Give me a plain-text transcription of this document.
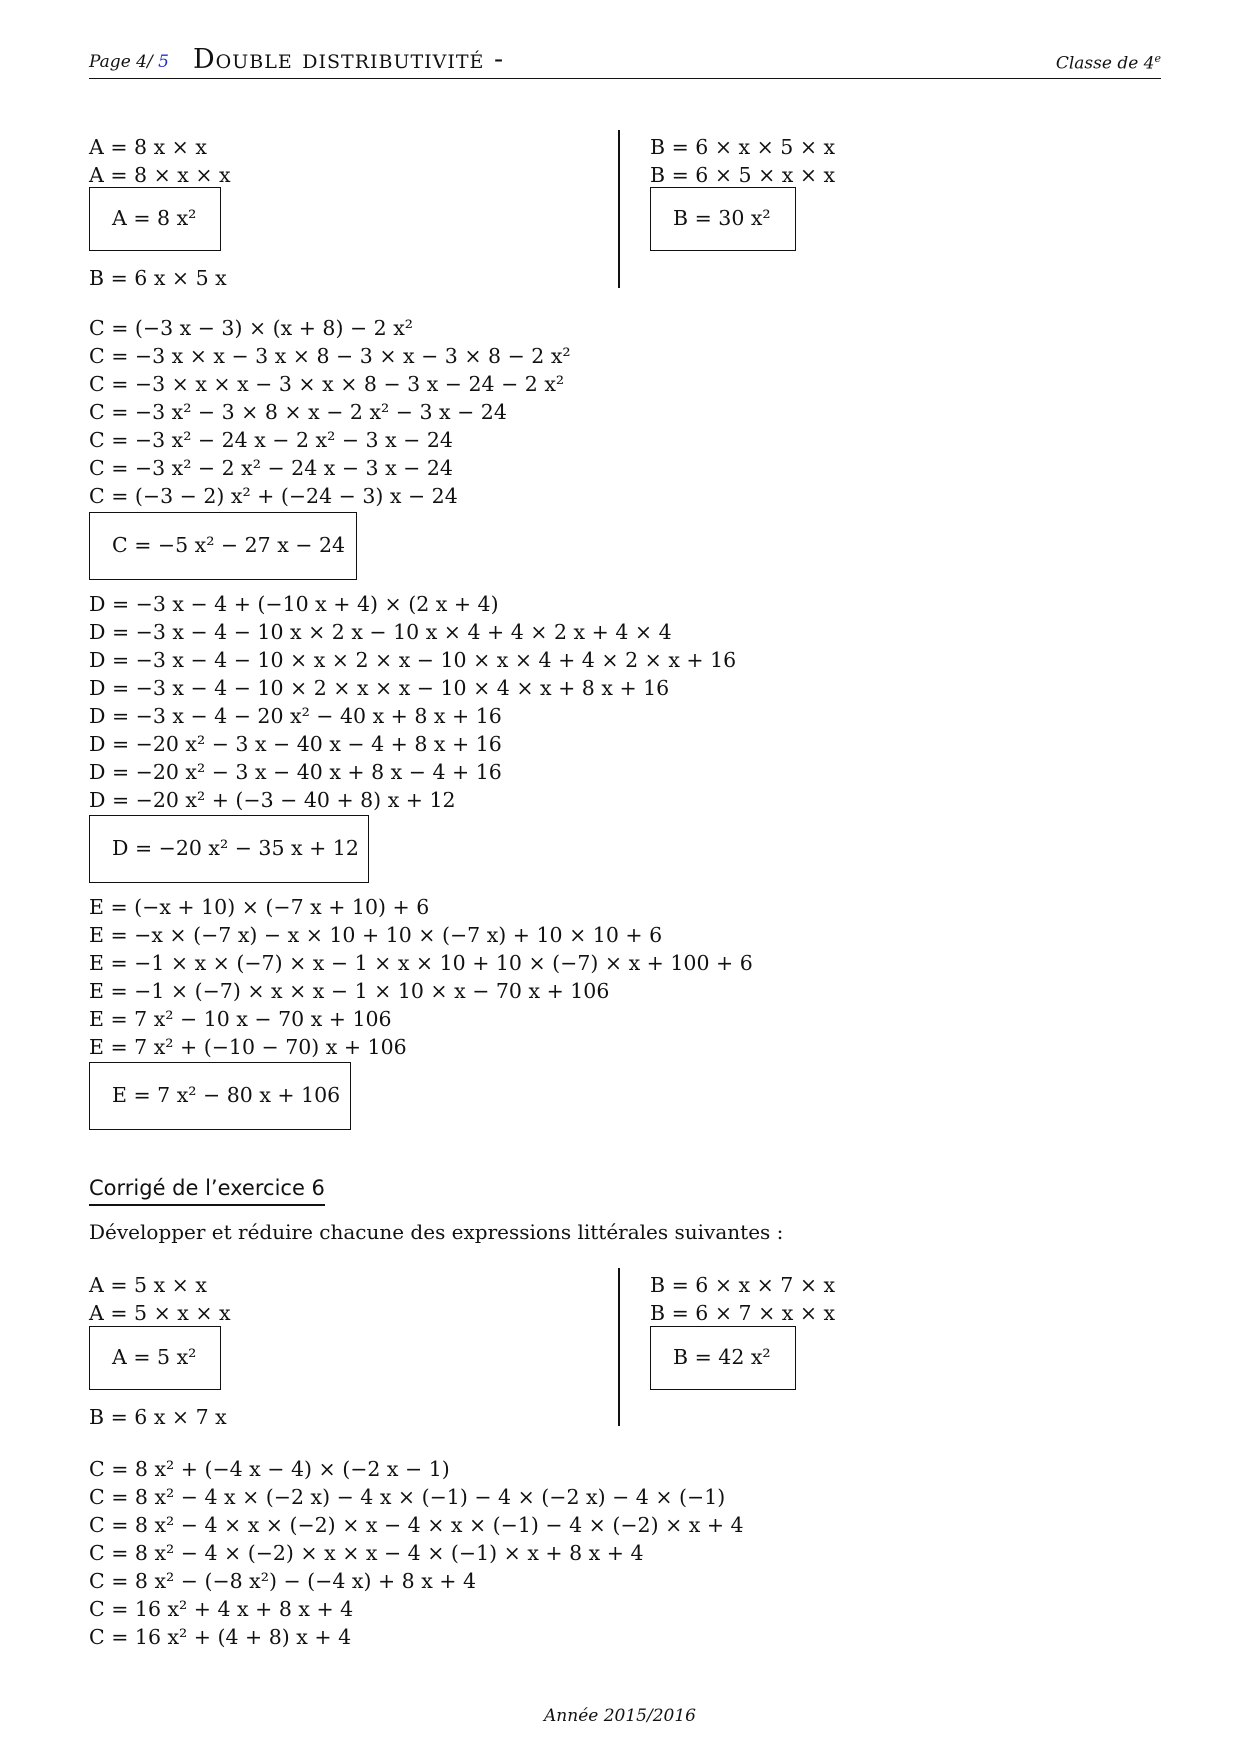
Page 4/ 5 Double distributivité -	Classe de 4e
A = 8 x × x
A = 8 × x × x
A = 8 x²
B = 6 x × 5 x
B = 6 × x × 5 × x
B = 6 × 5 × x × x
B = 30 x²
C = (−3 x − 3) × (x + 8) − 2 x²
C = −3 x × x − 3 x × 8 − 3 × x − 3 × 8 − 2 x²
C = −3 × x × x − 3 × x × 8 − 3 x − 24 − 2 x²
C = −3 x² − 3 × 8 × x − 2 x² − 3 x − 24
C = −3 x² − 24 x − 2 x² − 3 x − 24
C = −3 x² − 2 x² − 24 x − 3 x − 24
C = (−3 − 2) x² + (−24 − 3) x − 24
C = −5 x² − 27 x − 24
D = −3 x − 4 + (−10 x + 4) × (2 x + 4)
D = −3 x − 4 − 10 x × 2 x − 10 x × 4 + 4 × 2 x + 4 × 4
D = −3 x − 4 − 10 × x × 2 × x − 10 × x × 4 + 4 × 2 × x + 16
D = −3 x − 4 − 10 × 2 × x × x − 10 × 4 × x + 8 x + 16
D = −3 x − 4 − 20 x² − 40 x + 8 x + 16
D = −20 x² − 3 x − 40 x − 4 + 8 x + 16
D = −20 x² − 3 x − 40 x + 8 x − 4 + 16
D = −20 x² + (−3 − 40 + 8) x + 12
D = −20 x² − 35 x + 12
E = (−x + 10) × (−7 x + 10) + 6
E = −x × (−7 x) − x × 10 + 10 × (−7 x) + 10 × 10 + 6
E = −1 × x × (−7) × x − 1 × x × 10 + 10 × (−7) × x + 100 + 6
E = −1 × (−7) × x × x − 1 × 10 × x − 70 x + 106
E = 7 x² − 10 x − 70 x + 106
E = 7 x² + (−10 − 70) x + 106
E = 7 x² − 80 x + 106
Corrigé de l’exercice 6
Développer et réduire chacune des expressions littérales suivantes :
A = 5 x × x
A = 5 × x × x
A = 5 x²
B = 6 x × 7 x
B = 6 × x × 7 × x
B = 6 × 7 × x × x
B = 42 x²
C = 8 x² + (−4 x − 4) × (−2 x − 1)
C = 8 x² − 4 x × (−2 x) − 4 x × (−1) − 4 × (−2 x) − 4 × (−1)
C = 8 x² − 4 × x × (−2) × x − 4 × x × (−1) − 4 × (−2) × x + 4
C = 8 x² − 4 × (−2) × x × x − 4 × (−1) × x + 8 x + 4
C = 8 x² − (−8 x²) − (−4 x) + 8 x + 4
C = 16 x² + 4 x + 8 x + 4
C = 16 x² + (4 + 8) x + 4
Année 2015/2016
